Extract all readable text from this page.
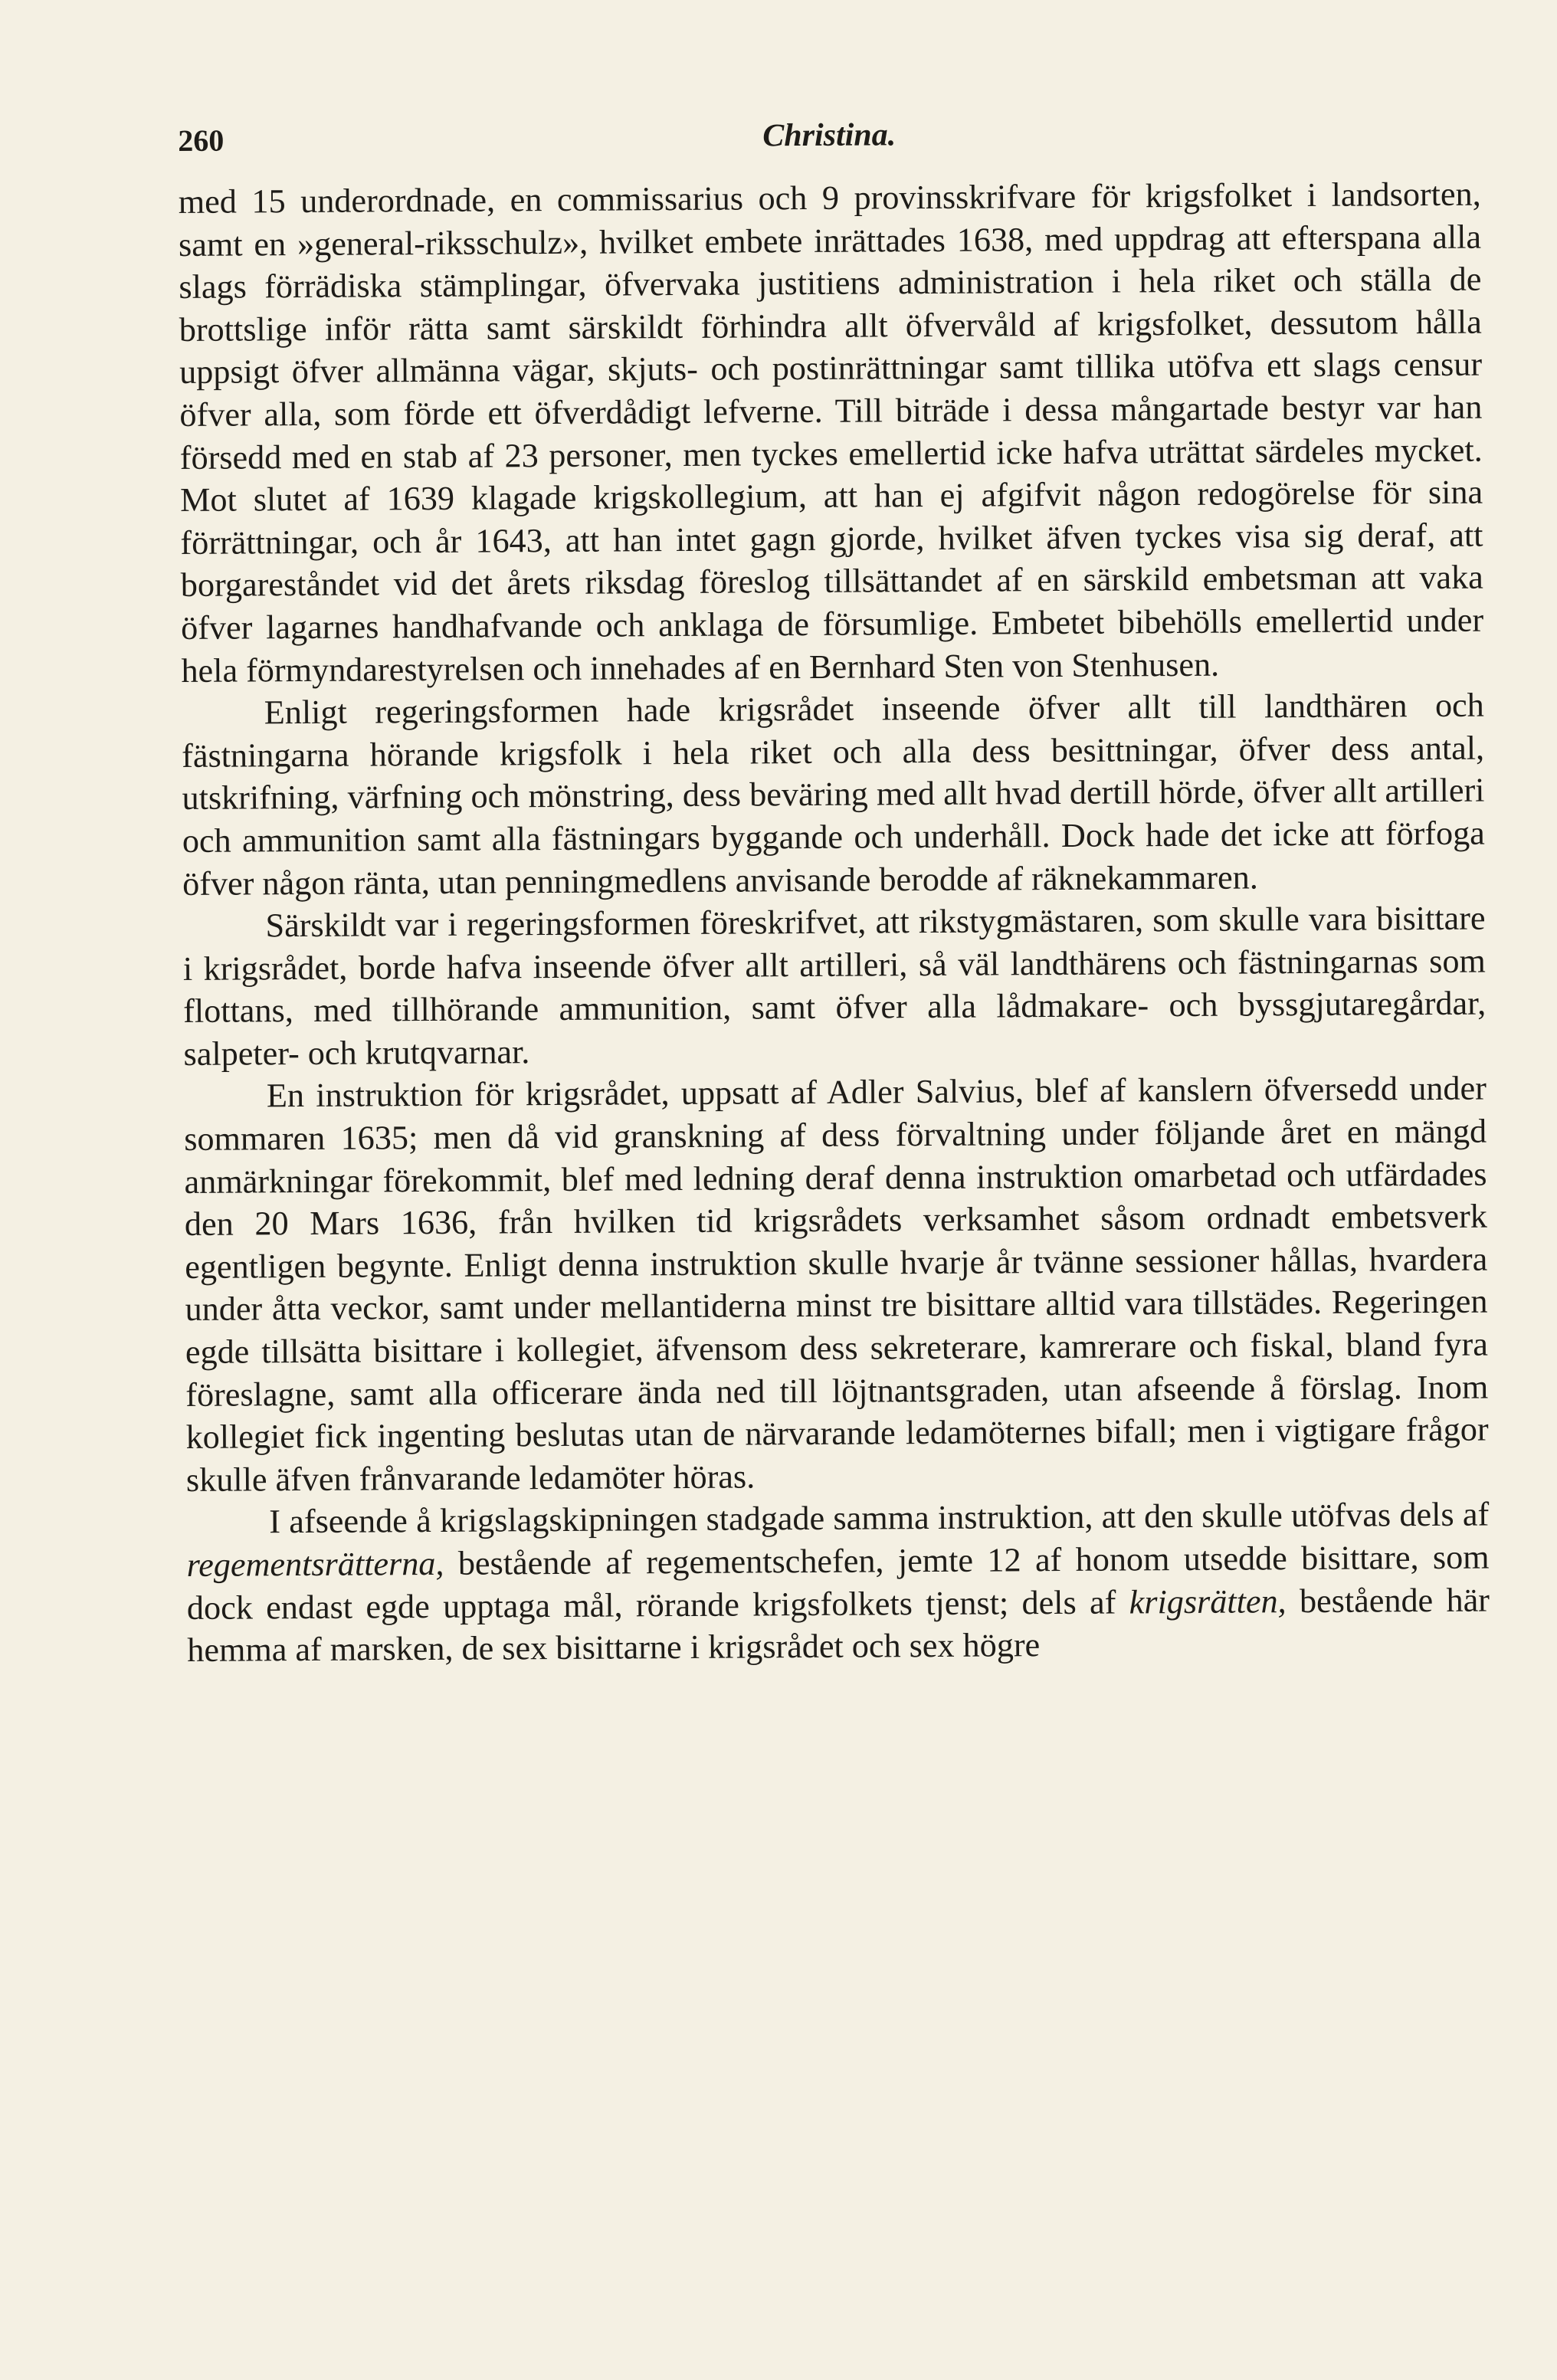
260	Christina.

med 15 underordnade, en commissarius och 9 provinsskrifvare för krigsfolket i landsorten, samt en »general-riksschulz», hvilket embete inrättades 1638, med uppdrag att efterspana alla slags förrädiska stämplingar, öfvervaka justitiens administration i hela riket och ställa de brottslige inför rätta samt särskildt förhindra allt öfvervåld af krigsfolket, dessutom hålla uppsigt öfver allmänna vägar, skjuts- och postinrättningar samt tillika utöfva ett slags censur öfver alla, som förde ett öfverdådigt lefverne. Till biträde i dessa mångartade bestyr var han försedd med en stab af 23 personer, men tyckes emellertid icke hafva uträttat särdeles mycket. Mot slutet af 1639 klagade krigskollegium, att han ej afgifvit någon redogörelse för sina förrättningar, och år 1643, att han intet gagn gjorde, hvilket äfven tyckes visa sig deraf, att borgareståndet vid det årets riksdag föreslog tillsättandet af en särskild embetsman att vaka öfver lagarnes handhafvande och anklaga de försumlige. Embetet bibehölls emellertid under hela förmyndarestyrelsen och innehades af en Bernhard Sten von Stenhusen.

Enligt regeringsformen hade krigsrådet inseende öfver allt till landthären och fästningarna hörande krigsfolk i hela riket och alla dess besittningar, öfver dess antal, utskrifning, värfning och mönstring, dess beväring med allt hvad dertill hörde, öfver allt artilleri och ammunition samt alla fästningars byggande och underhåll. Dock hade det icke att förfoga öfver någon ränta, utan penningmedlens anvisande berodde af räknekammaren.

Särskildt var i regeringsformen föreskrifvet, att rikstygmästaren, som skulle vara bisittare i krigsrådet, borde hafva inseende öfver allt artilleri, så väl landthärens och fästningarnas som flottans, med tillhörande ammunition, samt öfver alla lådmakare- och byssgjutaregårdar, salpeter- och krutqvarnar.

En instruktion för krigsrådet, uppsatt af Adler Salvius, blef af kanslern öfversedd under sommaren 1635; men då vid granskning af dess förvaltning under följande året en mängd anmärkningar förekommit, blef med ledning deraf denna instruktion omarbetad och utfärdades den 20 Mars 1636, från hvilken tid krigsrådets verksamhet såsom ordnadt embetsverk egentligen begynte. Enligt denna instruktion skulle hvarje år tvänne sessioner hållas, hvardera under åtta veckor, samt under mellantiderna minst tre bisittare alltid vara tillstädes. Regeringen egde tillsätta bisittare i kollegiet, äfvensom dess sekreterare, kamrerare och fiskal, bland fyra föreslagne, samt alla officerare ända ned till löjtnantsgraden, utan afseende å förslag. Inom kollegiet fick ingenting beslutas utan de närvarande ledamöternes bifall; men i vigtigare frågor skulle äfven frånvarande ledamöter höras.

I afseende å krigslagskipningen stadgade samma instruktion, att den skulle utöfvas dels af regementsrätterna, bestående af regementschefen, jemte 12 af honom utsedde bisittare, som dock endast egde upptaga mål, rörande krigsfolkets tjenst; dels af krigsrätten, bestående här hemma af marsken, de sex bisittarne i krigsrådet och sex högre
